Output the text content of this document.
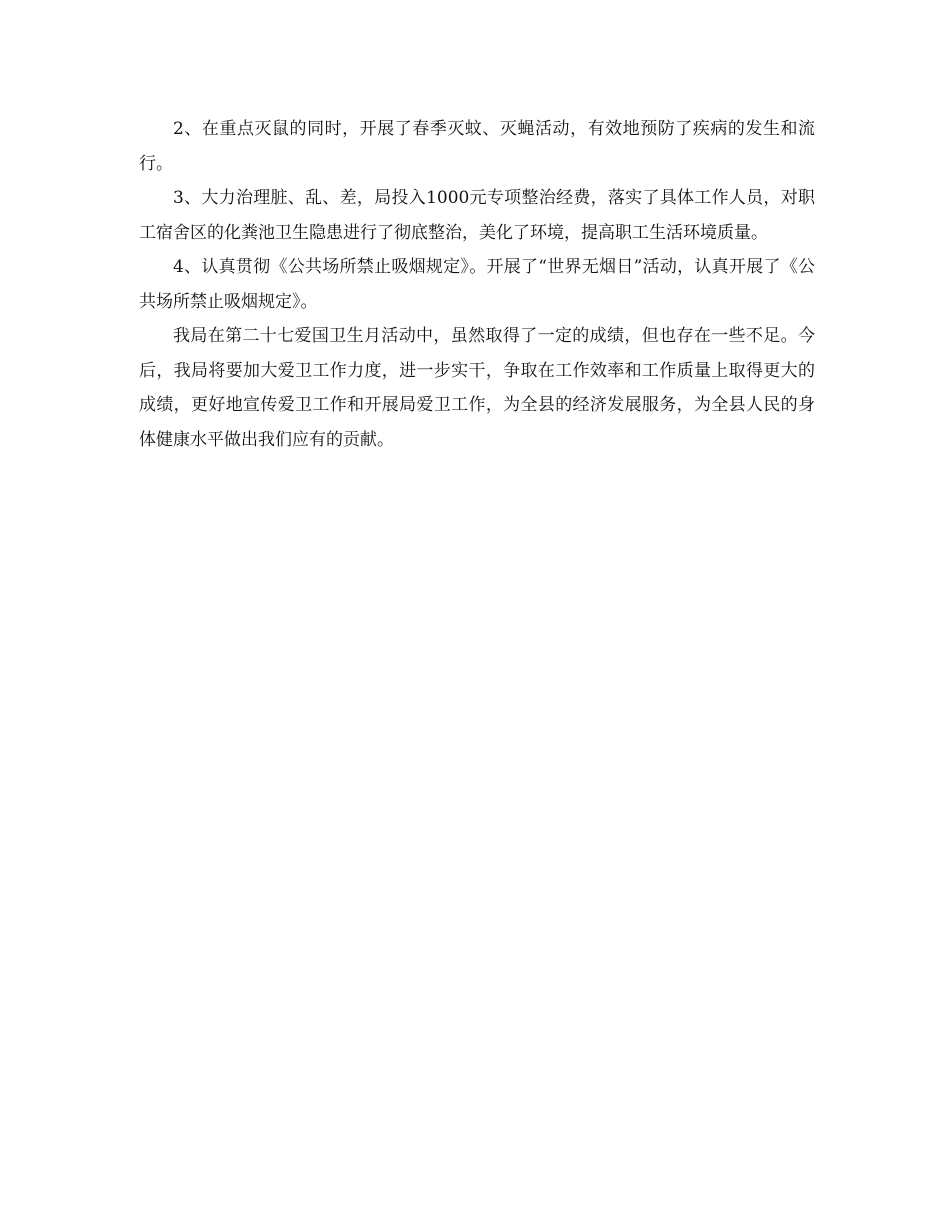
2、在重点灭鼠的同时，开展了春季灭蚊、灭蝇活动，有效地预防了疾病的发生和流行。

3、大力治理脏、乱、差，局投入1000元专项整治经费，落实了具体工作人员，对职工宿舍区的化粪池卫生隐患进行了彻底整治，美化了环境，提高职工生活环境质量。

4、认真贯彻《公共场所禁止吸烟规定》。开展了“世界无烟日”活动，认真开展了《公共场所禁止吸烟规定》。

我局在第二十七爱国卫生月活动中，虽然取得了一定的成绩，但也存在一些不足。今后，我局将要加大爱卫工作力度，进一步实干，争取在工作效率和工作质量上取得更大的成绩，更好地宣传爱卫工作和开展局爱卫工作，为全县的经济发展服务，为全县人民的身体健康水平做出我们应有的贡献。
